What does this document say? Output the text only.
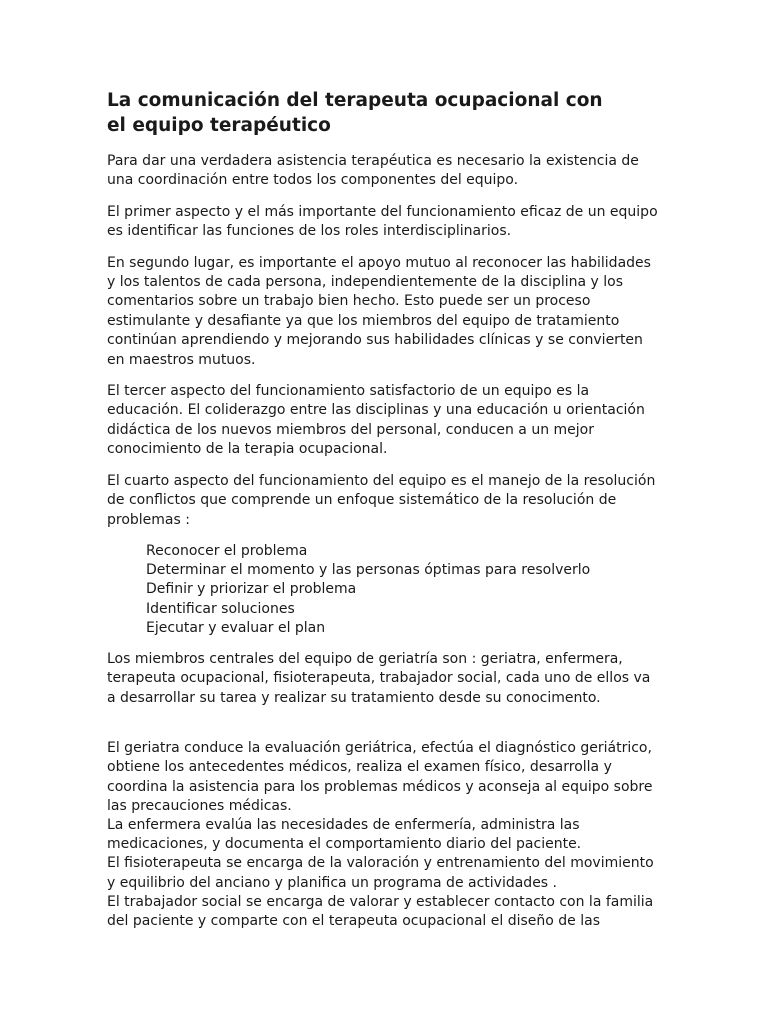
La comunicación del terapeuta ocupacional con el equipo terapéutico

Para dar una verdadera asistencia terapéutica es necesario la existencia de una coordinación entre todos los componentes del equipo.

El primer aspecto y el más importante del funcionamiento eficaz de un equipo es identificar las funciones de los roles interdisciplinarios.

En segundo lugar, es importante el apoyo mutuo al reconocer las habilidades y los talentos de cada persona, independientemente de la disciplina y los comentarios sobre un trabajo bien hecho. Esto puede ser un proceso estimulante y desafiante ya que los miembros del equipo de tratamiento continúan aprendiendo y mejorando sus habilidades clínicas y se convierten en maestros mutuos.

El tercer aspecto del funcionamiento satisfactorio de un equipo es la educación. El coliderazgo entre las disciplinas y una educación u orientación didáctica de los nuevos miembros del personal, conducen a un mejor conocimiento de la terapia ocupacional.

El cuarto aspecto del funcionamiento del equipo es el manejo de la resolución de conflictos que comprende un enfoque sistemático de la resolución de problemas :

Reconocer el problema
Determinar el momento y las personas óptimas para resolverlo
Definir y priorizar el problema
Identificar soluciones
Ejecutar y evaluar el plan

Los miembros centrales del equipo de geriatría son : geriatra, enfermera, terapeuta ocupacional, fisioterapeuta, trabajador social, cada uno de ellos va a desarrollar su tarea y realizar su tratamiento desde su conocimento.

El geriatra conduce la evaluación geriátrica, efectúa el diagnóstico geriátrico, obtiene los antecedentes médicos, realiza el examen físico, desarrolla y coordina la asistencia para los problemas médicos y aconseja al equipo sobre las precauciones médicas.
La enfermera evalúa las necesidades de enfermería, administra las medicaciones, y documenta el comportamiento diario del paciente.
El fisioterapeuta se encarga de la valoración y entrenamiento del movimiento y equilibrio del anciano y planifica un programa de actividades .
El trabajador social se encarga de valorar y establecer contacto con la familia del paciente y comparte con el terapeuta ocupacional el diseño de las
